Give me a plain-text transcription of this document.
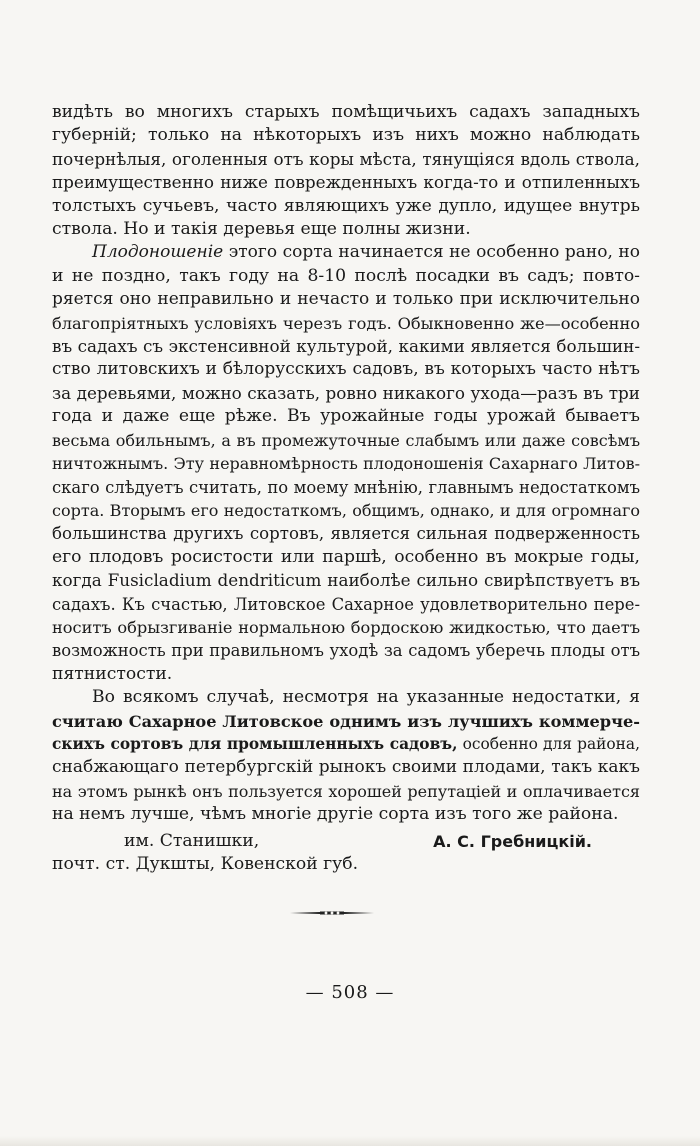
видѣть во многихъ старыхъ помѣщичьихъ садахъ западныхъ
губерній; только на нѣкоторыхъ изъ нихъ можно наблюдать
почернѣлыя, оголенныя отъ коры мѣста, тянущіяся вдоль ствола,
преимущественно ниже поврежденныхъ когда-то и отпиленныхъ
толстыхъ сучьевъ, часто являющихъ уже дупло, идущее внутрь
ствола. Но и такія деревья еще полны жизни.
Плодоношеніе этого сорта начинается не особенно рано, но
и не поздно, такъ году на 8-10 послѣ посадки въ садъ; повто-
ряется оно неправильно и нечасто и только при исключительно
благопріятныхъ условіяхъ черезъ годъ. Обыкновенно же—особенно
въ садахъ съ экстенсивной культурой, какими является большин-
ство литовскихъ и бѣлорусскихъ садовъ, въ которыхъ часто нѣтъ
за деревьями, можно сказать, ровно никакого ухода—разъ въ три
года и даже еще рѣже. Въ урожайные годы урожай бываетъ
весьма обильнымъ, а въ промежуточные слабымъ или даже совсѣмъ
ничтожнымъ. Эту неравномѣрность плодоношенія Сахарнаго Литов-
скаго слѣдуетъ считать, по моему мнѣнію, главнымъ недостаткомъ
сорта. Вторымъ его недостаткомъ, общимъ, однако, и для огромнаго
большинства другихъ сортовъ, является сильная подверженность
его плодовъ росистости или паршѣ, особенно въ мокрые годы,
когда Fusicladium dendriticum наиболѣе сильно свирѣпствуетъ въ
садахъ. Къ счастью, Литовское Сахарное удовлетворительно пере-
носитъ обрызгиваніе нормальною бордоскою жидкостью, что даетъ
возможность при правильномъ уходѣ за садомъ уберечь плоды отъ
пятнистости.
Во всякомъ случаѣ, несмотря на указанные недостатки, я
считаю Сахарное Литовское однимъ изъ лучшихъ коммерче-
скихъ сортовъ для промышленныхъ садовъ, особенно для района,
снабжающаго петербургскій рынокъ своими плодами, такъ какъ
на этомъ рынкѣ онъ пользуется хорошей репутаціей и оплачивается
на немъ лучше, чѣмъ многіе другіе сорта изъ того же района.
им. Станишки,	А. С. Гребницкій.
почт. ст. Дукшты, Ковенской губ.
— 508 —
